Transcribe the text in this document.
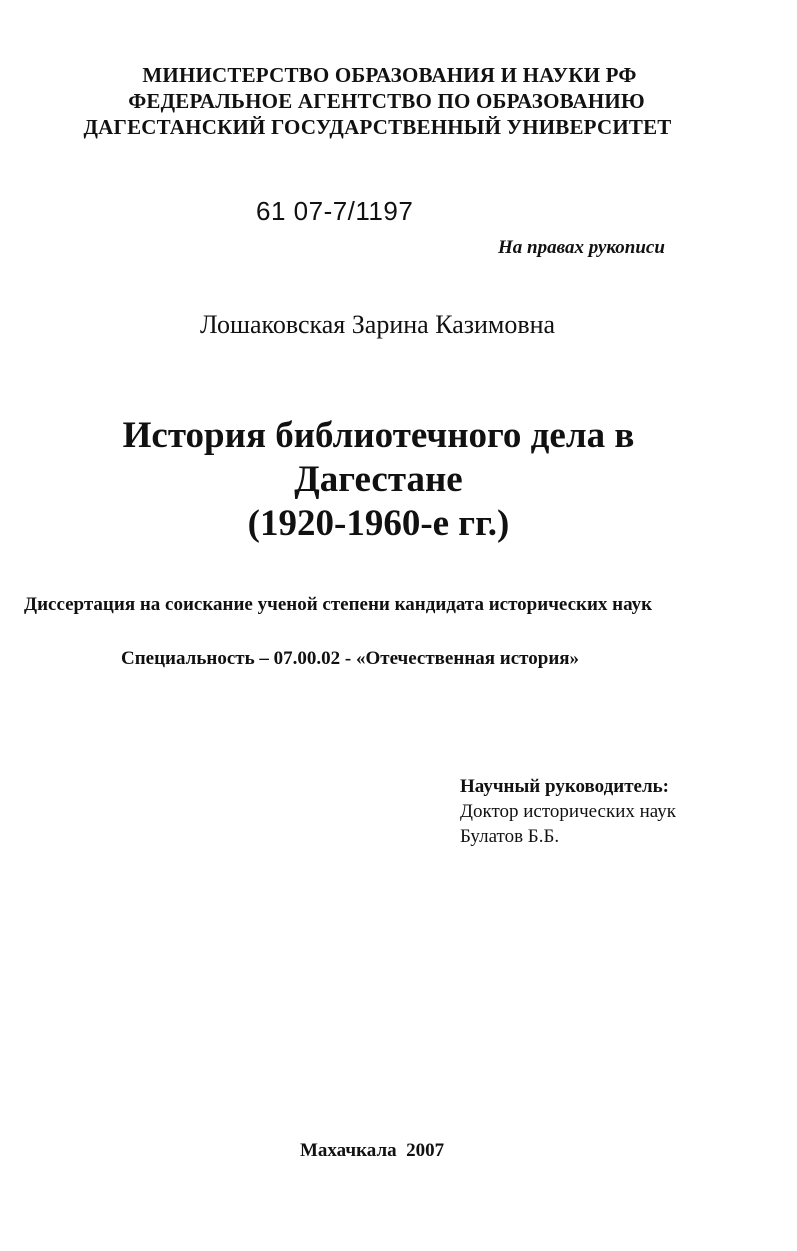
МИНИСТЕРСТВО ОБРАЗОВАНИЯ И НАУКИ РФ
ФЕДЕРАЛЬНОЕ АГЕНТСТВО ПО ОБРАЗОВАНИЮ
ДАГЕСТАНСКИЙ ГОСУДАРСТВЕННЫЙ УНИВЕРСИТЕТ
61 07-7/1197
На правах рукописи
Лошаковская Зарина Казимовна
История библиотечного дела в
Дагестане
(1920-1960-е гг.)
Диссертация на соискание ученой степени кандидата исторических наук
Специальность – 07.00.02 - «Отечественная история»
Научный руководитель:
Доктор исторических наук
Булатов Б.Б.
Махачкала  2007
